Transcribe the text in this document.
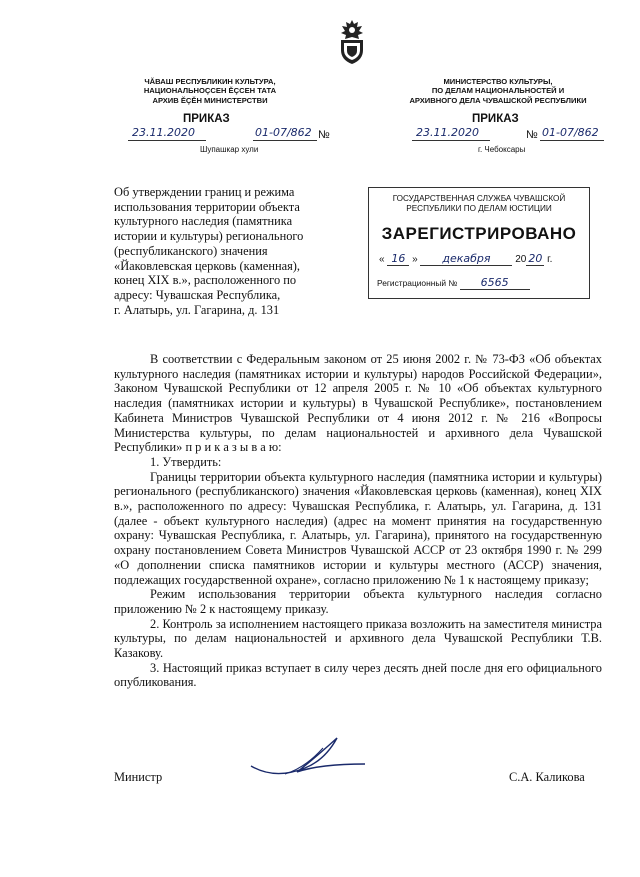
ЧĂВАШ РЕСПУБЛИКИН КУЛЬТУРА,
НАЦИОНАЛЬНОÇСЕН ĔÇСЕН ТАТА
АРХИВ ĔÇĔН МИНИСТЕРСТВИ
МИНИСТЕРСТВО КУЛЬТУРЫ,
ПО ДЕЛАМ НАЦИОНАЛЬНОСТЕЙ И
АРХИВНОГО ДЕЛА ЧУВАШСКОЙ РЕСПУБЛИКИ
ПРИКАЗ	ПРИКАЗ
23.11.2020	01-07/862 №
Шупашкар хули
23.11.2020	№ 01-07/862
г. Чебоксары
Об утверждении границ и режима
использования территории объекта
культурного наследия (памятника
истории и культуры) регионального
(республиканского) значения
«Йаковлевская церковь (каменная),
конец XIX в.», расположенного по
адресу: Чувашская Республика,
г. Алатырь, ул. Гагарина, д. 131
ГОСУДАРСТВЕННАЯ СЛУЖБА ЧУВАШСКОЙ
РЕСПУБЛИКИ ПО ДЕЛАМ ЮСТИЦИИ
ЗАРЕГИСТРИРОВАНО
« 16 » декабря 20 20 г.
Регистрационный № 6565

В соответствии с Федеральным законом от 25 июня 2002 г. № 73-ФЗ «Об объектах культурного наследия (памятниках истории и культуры) народов Российской Федерации», Законом Чувашской Республики от 12 апреля 2005 г. № 10 «Об объектах культурного наследия (памятниках истории и культуры) в Чувашской Республике», постановлением Кабинета Министров Чувашской Республики от 4 июня 2012 г. № 216 «Вопросы Министерства культуры, по делам национальностей и архивного дела Чувашской Республики» п р и к а з ы в а ю:

1. Утвердить:

Границы территории объекта культурного наследия (памятника истории и культуры) регионального (республиканского) значения «Йаковлевская церковь (каменная), конец XIX в.», расположенного по адресу: Чувашская Республика, г. Алатырь, ул. Гагарина, д. 131 (далее - объект культурного наследия) (адрес на момент принятия на государственную охрану: Чувашская Республика, г. Алатырь, ул. Гагарина), принятого на государственную охрану постановлением Совета Министров Чувашской АССР от 23 октября 1990 г. № 299 «О дополнении списка памятников истории и культуры местного (АССР) значения, подлежащих государственной охране», согласно приложению № 1 к настоящему приказу;

Режим использования территории объекта культурного наследия согласно приложению № 2 к настоящему приказу.

2. Контроль за исполнением настоящего приказа возложить на заместителя министра культуры, по делам национальностей и архивного дела Чувашской Республики Т.В. Казакову.

3. Настоящий приказ вступает в силу через десять дней после дня его официального опубликования.

Министр	С.А. Каликова
